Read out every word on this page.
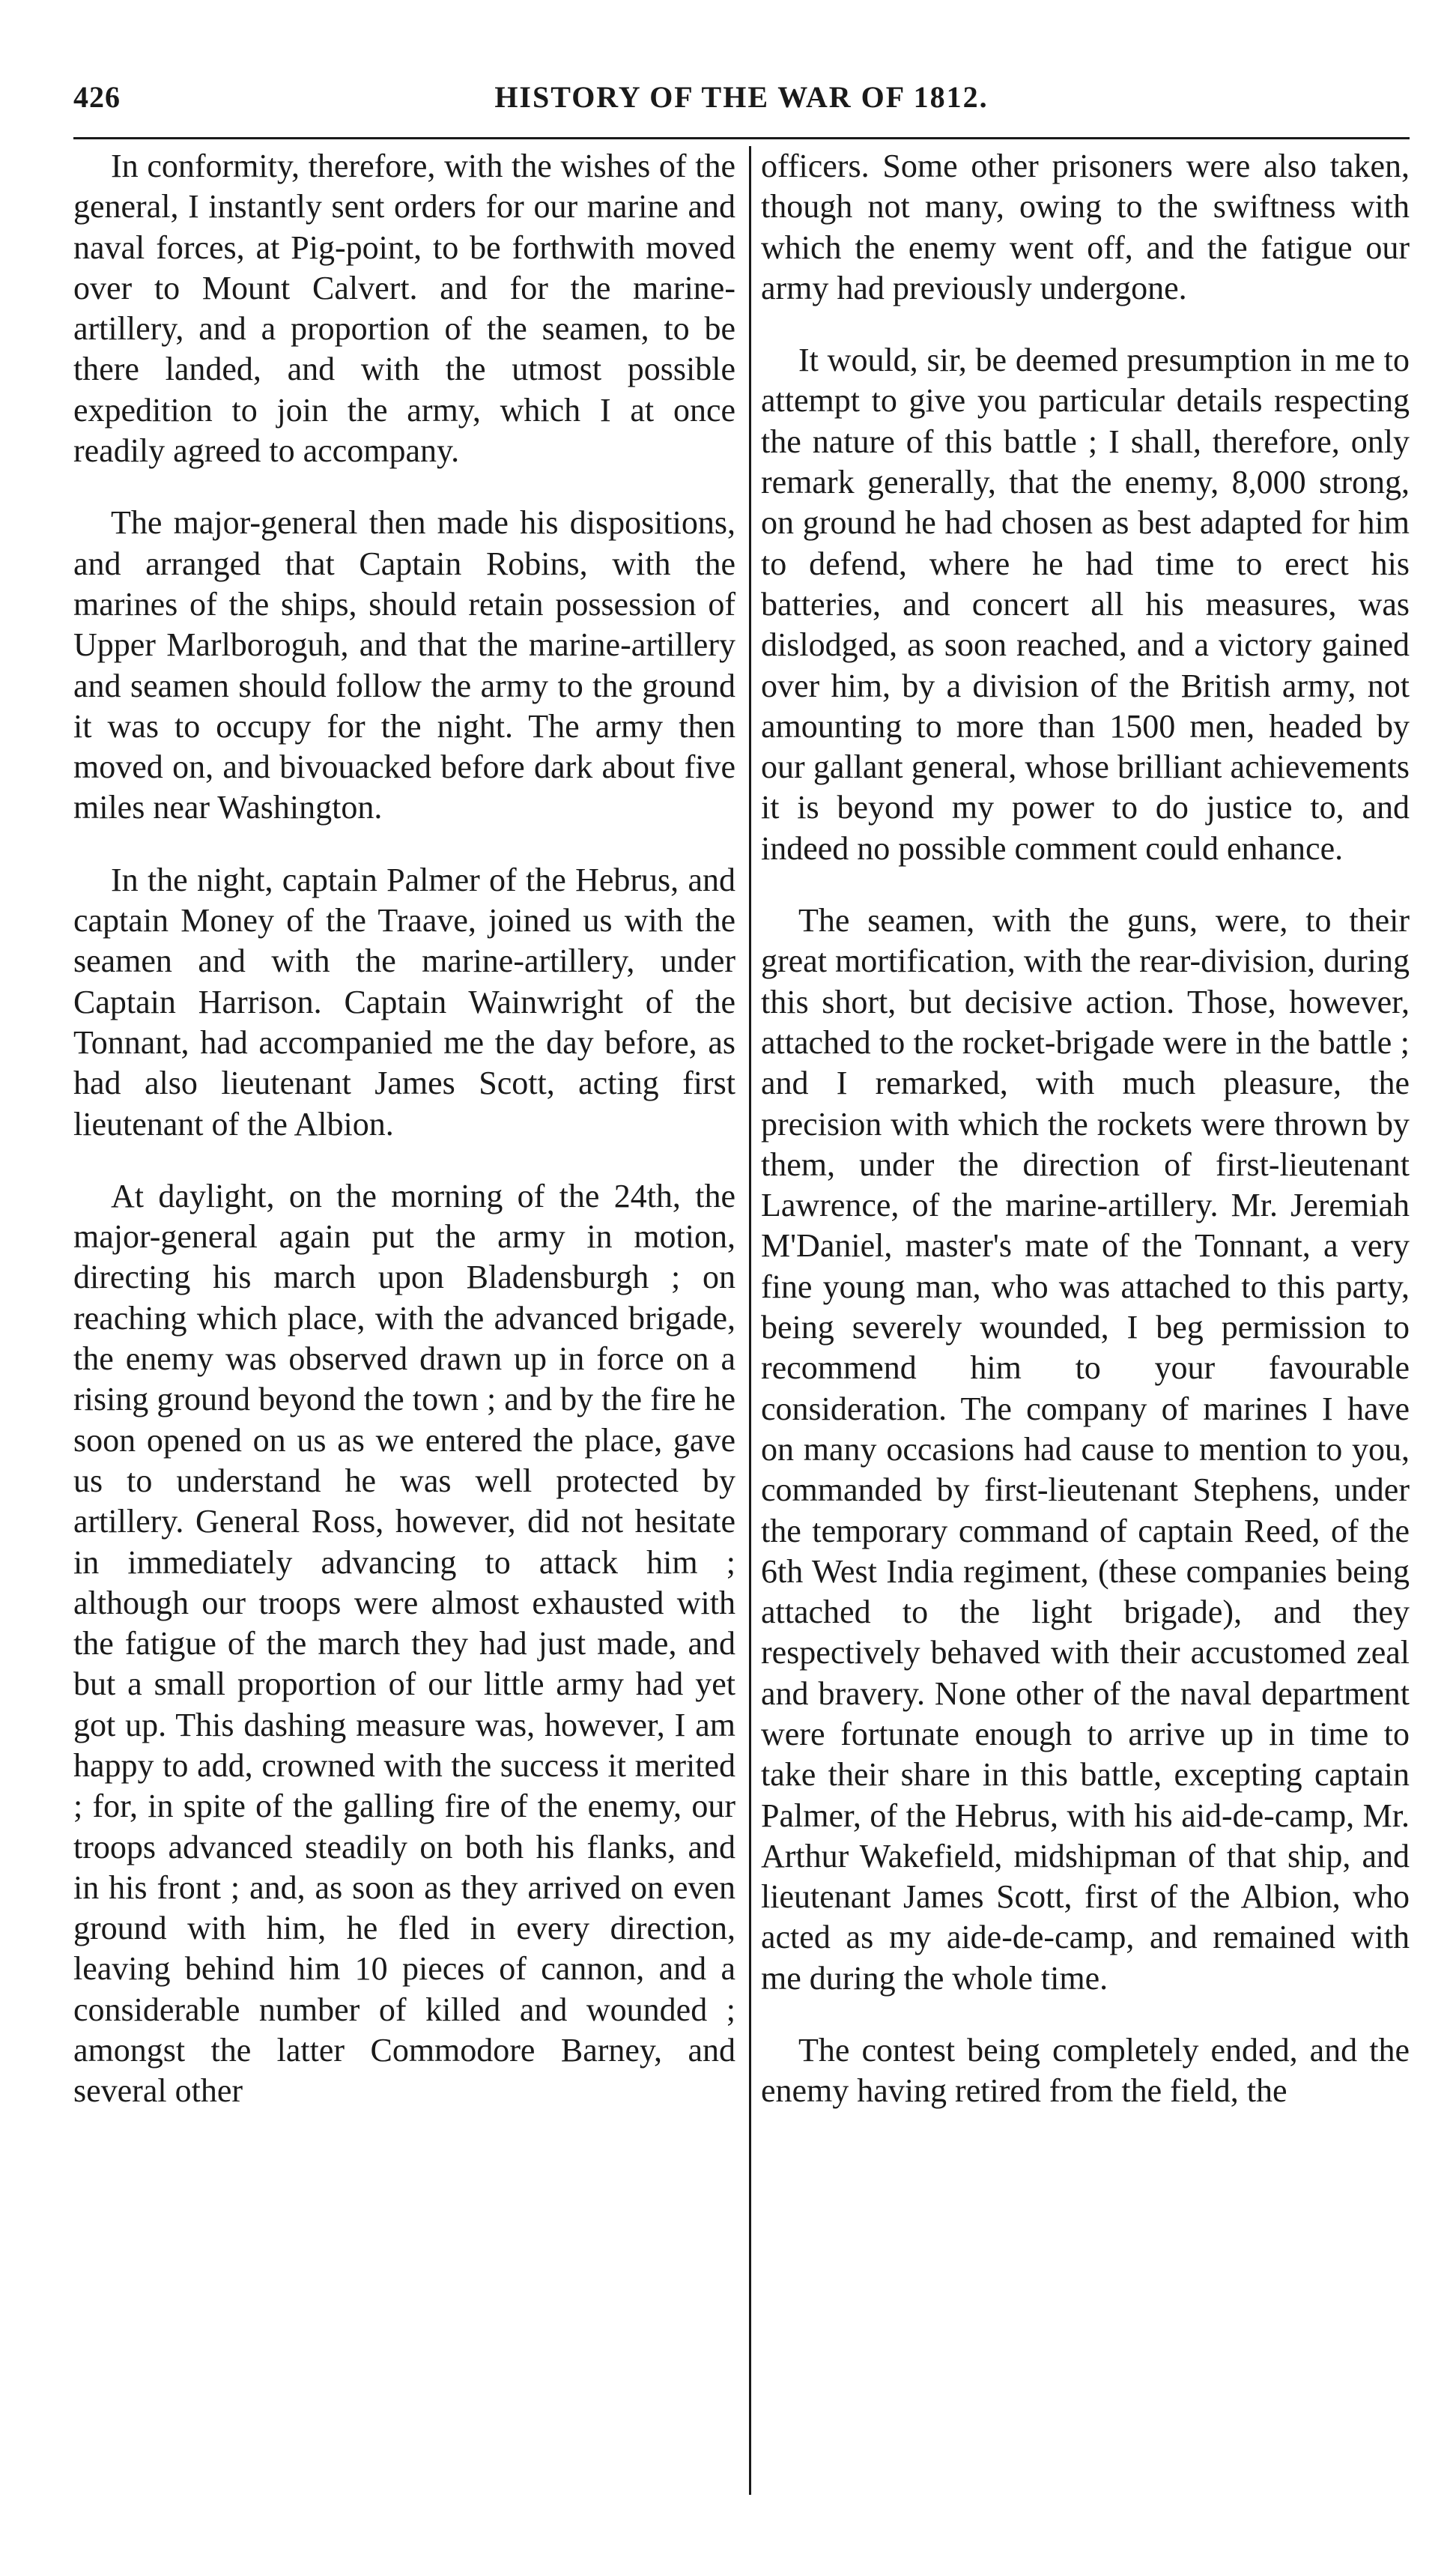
426	HISTORY OF THE WAR OF 1812.

In conformity, therefore, with the wishes of the general, I instantly sent orders for our marine and naval forces, at Pig-point, to be forthwith moved over to Mount Calvert. and for the marine-artillery, and a proportion of the seamen, to be there landed, and with the utmost possible expedition to join the army, which I at once readily agreed to accompany.

The major-general then made his dispositions, and arranged that Captain Robins, with the marines of the ships, should retain possession of Upper Marlboroguh, and that the marine-artillery and seamen should follow the army to the ground it was to occupy for the night. The army then moved on, and bivouacked before dark about five miles near Washington.

In the night, captain Palmer of the Hebrus, and captain Money of the Traave, joined us with the seamen and with the marine-artillery, under Captain Harrison. Captain Wainwright of the Tonnant, had accompanied me the day before, as had also lieutenant James Scott, acting first lieutenant of the Albion.

At daylight, on the morning of the 24th, the major-general again put the army in motion, directing his march upon Bladensburgh ; on reaching which place, with the advanced brigade, the enemy was observed drawn up in force on a rising ground beyond the town ; and by the fire he soon opened on us as we entered the place, gave us to understand he was well protected by artillery. General Ross, however, did not hesitate in immediately advancing to attack him ; although our troops were almost exhausted with the fatigue of the march they had just made, and but a small proportion of our little army had yet got up. This dashing measure was, however, I am happy to add, crowned with the success it merited ; for, in spite of the galling fire of the enemy, our troops advanced steadily on both his flanks, and in his front ; and, as soon as they arrived on even ground with him, he fled in every direction, leaving behind him 10 pieces of cannon, and a considerable number of killed and wounded ; amongst the latter Commodore Barney, and several other

officers. Some other prisoners were also taken, though not many, owing to the swiftness with which the enemy went off, and the fatigue our army had previously undergone.

It would, sir, be deemed presumption in me to attempt to give you particular details respecting the nature of this battle ; I shall, therefore, only remark generally, that the enemy, 8,000 strong, on ground he had chosen as best adapted for him to defend, where he had time to erect his batteries, and concert all his measures, was dislodged, as soon reached, and a victory gained over him, by a division of the British army, not amounting to more than 1500 men, headed by our gallant general, whose brilliant achievements it is beyond my power to do justice to, and indeed no possible comment could enhance.

The seamen, with the guns, were, to their great mortification, with the rear-division, during this short, but decisive action. Those, however, attached to the rocket-brigade were in the battle ; and I remarked, with much pleasure, the precision with which the rockets were thrown by them, under the direction of first-lieutenant Lawrence, of the marine-artillery. Mr. Jeremiah M'Daniel, master's mate of the Tonnant, a very fine young man, who was attached to this party, being severely wounded, I beg permission to recommend him to your favourable consideration. The company of marines I have on many occasions had cause to mention to you, commanded by first-lieutenant Stephens, under the temporary command of captain Reed, of the 6th West India regiment, (these companies being attached to the light brigade), and they respectively behaved with their accustomed zeal and bravery. None other of the naval department were fortunate enough to arrive up in time to take their share in this battle, excepting captain Palmer, of the Hebrus, with his aid-de-camp, Mr. Arthur Wakefield, midshipman of that ship, and lieutenant James Scott, first of the Albion, who acted as my aide-de-camp, and remained with me during the whole time.

The contest being completely ended, and the enemy having retired from the field, the
